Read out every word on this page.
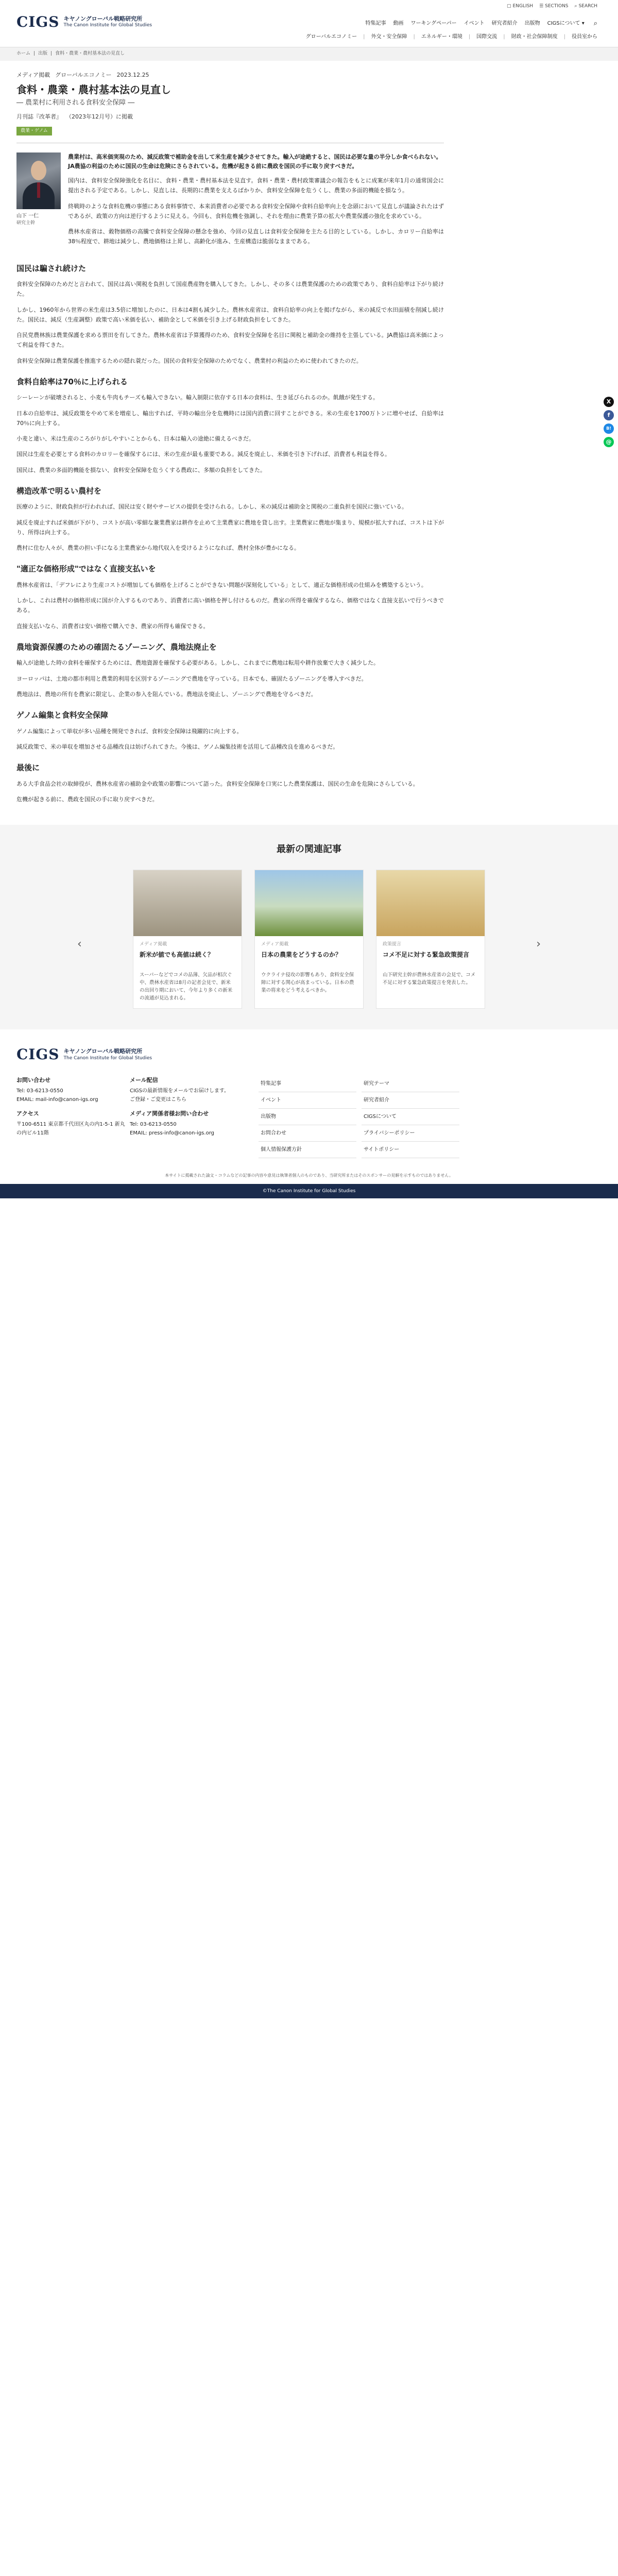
CIGS キヤノングローバル戦略研究所
The Canon Institute for Global Studies
▢ ENGLISH ☰ SECTIONS ⌕ SEARCH
特集記事 動画 ワーキングペーパー イベント 研究者紹介 出版物 CIGSについて ▾ ⌕
グローバルエコノミー | 外交・安全保障 | エネルギー・環境 | 国際交流 | 財政・社会保障制度 | 役員室から
ホーム | 出版 | 食料・農業・農村基本法の見直し
メディア掲載 グローバルエコノミー 2023.12.25
食料・農業・農村基本法の見直し
― 農業村に利用される食料安全保障 ―
月刊誌『改革者』 （2023年12月号）に掲載
農業・ゲノム
山下 一仁
研究主幹
農業村は、高米価実現のため、減反政策で補助金を出して米生産を減少させてきた。輸入が途絶すると、国民は必要な量の半分しか食べられない。JA農協の利益のために国民の生命は危険にさらされている。危機が起きる前に農政を国民の手に取り戻すべきだ。

国内は、食料安全保障強化を名目に、食料・農業・農村基本法を見直す。食料・農業・農村政策審議会の報告をもとに成案が来年1月の通常国会に提出される予定である。しかし、見直しは、長期的に農業を支えるばかりか、食料安全保障を危うくし、農業の多面的機能を損なう。

終戦時のような食料危機の事態にある食料事情で、本来消費者の必要である食料安全保障や食料自給率向上を念頭において見直しが議論されたはずであるが、政策の方向は逆行するように見える。今回も、食料危機を強調し、それを理由に農業予算の拡大や農業保護の強化を求めている。

農林水産省は、穀物価格の高騰で食料安全保障の懸念を強め、今回の見直しは食料安全保障を主たる目的としている。しかし、カロリー自給率は38％程度で、耕地は減少し、農地価格は上昇し、高齢化が進み、生産構造は脆弱なままである。

国民は騙され続けた

食料安全保障のためだと言われて、国民は高い関税を負担して国産農産物を購入してきた。しかし、その多くは農業保護のための政策であり、食料自給率は下がり続けた。

しかし、1960年から世界の米生産は3.5倍に増加したのに、日本は4割も減少した。農林水産省は、食料自給率の向上を掲げながら、米の減反で水田面積を削減し続けた。国民は、減反（生産調整）政策で高い米価を払い、補助金として米価を引き上げる財政負担をしてきた。

自民党農林族は農業保護を求める票田を有してきた。農林水産省は予算獲得のため、食料安全保障を名目に関税と補助金の維持を主張している。JA農協は高米価によって利益を得てきた。

食料安全保障は農業保護を推進するための隠れ蓑だった。国民の食料安全保障のためでなく、農業村の利益のために使われてきたのだ。

食料自給率は70％に上げられる

シーレーンが破壊されると、小麦も牛肉もチーズも輸入できない。輸入制限に依存する日本の食料は、生き延びられるのか。飢餓が発生する。

日本の自給率は、減反政策をやめて米を増産し、輸出すれば、平時の輸出分を危機時には国内消費に回すことができる。米の生産を1700万トンに増やせば、自給率は70％に向上する。

小麦と違い、米は生産のころがりがしやすいことからも、日本は輸入の途絶に備えるべきだ。

国民は生産を必要とする食料のカロリーを確保するには、米の生産が最も重要である。減反を廃止し、米価を引き下げれば、消費者も利益を得る。

国民は、農業の多面的機能を損ない、食料安全保障を危うくする農政に、多額の負担をしてきた。

構造改革で明るい農村を

医療のように、財政負担が行われれば、国民は安く財やサービスの提供を受けられる。しかし、米の減反は補助金と関税の二重負担を国民に強いている。

減反を廃止すれば米価が下がり、コストが高い零細な兼業農家は耕作を止めて主業農家に農地を貸し出す。主業農家に農地が集まり、規模が拡大すれば、コストは下がり、所得は向上する。

農村に住む人々が、農業の担い手になる主業農家から地代収入を受けるようになれば、農村全体が豊かになる。

"適正な価格形成"ではなく直接支払いを

農林水産省は、「デフレにより生産コストが増加しても価格を上げることができない問題が深刻化している」として、適正な価格形成の仕組みを構築するという。

しかし、これは農村の価格形成に国が介入するものであり、消費者に高い価格を押し付けるものだ。農家の所得を確保するなら、価格ではなく直接支払いで行うべきである。

直接支払いなら、消費者は安い価格で購入でき、農家の所得も確保できる。

農地資源保護のための確固たるゾーニング、農地法廃止を

輸入が途絶した時の食料を確保するためには、農地資源を確保する必要がある。しかし、これまでに農地は転用や耕作放棄で大きく減少した。

ヨーロッパは、土地の都市利用と農業的利用を区別するゾーニングで農地を守っている。日本でも、確固たるゾーニングを導入すべきだ。

農地法は、農地の所有を農家に限定し、企業の参入を阻んでいる。農地法を廃止し、ゾーニングで農地を守るべきだ。

ゲノム編集と食料安全保障

ゲノム編集によって単収が多い品種を開発できれば、食料安全保障は飛躍的に向上する。

減反政策で、米の単収を増加させる品種改良は妨げられてきた。今後は、ゲノム編集技術を活用して品種改良を進めるべきだ。

最後に

ある大手食品会社の取締役が、農林水産省の補助金や政策の影響について語った。食料安全保障を口実にした農業保護は、国民の生命を危険にさらしている。

危機が起きる前に、農政を国民の手に取り戻すべきだ。

X
f
B!
@
最新の関連記事
‹	›
メディア掲載
新米が値でも高値は続く？
スーパーなどでコメの品薄、欠品が相次ぐ中、農林水産省は8月の記者会見で、新米の出回り期において、今年より多くの新米の流通が見込まれる。
メディア掲載
日本の農業をどうするのか？
ウクライナ侵攻の影響もあり、食料安全保障に対する関心が高まっている。日本の農業の将来をどう考えるべきか。
政策提言
コメ不足に対する緊急政策提言
山下研究主幹が農林水産省の会見で、コメ不足に対する緊急政策提言を発表した。
CIGS キヤノングローバル戦略研究所
The Canon Institute for Global Studies
お問い合わせ
Tel: 03-6213-0550
EMAIL: mail-info@canon-igs.org
アクセス
〒100-6511 東京都千代田区丸の内1-5-1 新丸の内ビル11階
メール配信
CIGSの最新情報をメールでお届けします。
ご登録・ご変更はこちら
メディア関係者様お問い合わせ
Tel: 03-6213-0550
EMAIL: press-info@canon-igs.org
特集記事	研究テーマ
イベント	研究者紹介
出版物	CIGSについて
お問合わせ	プライバシーポリシー
個人情報保護方針	サイトポリシー
本サイトに掲載された論文・コラムなどの記事の内容や意見は執筆者個人のものであり、当研究所またはそのスポンサーの見解を示すものではありません。
©The Canon Institute for Global Studies
